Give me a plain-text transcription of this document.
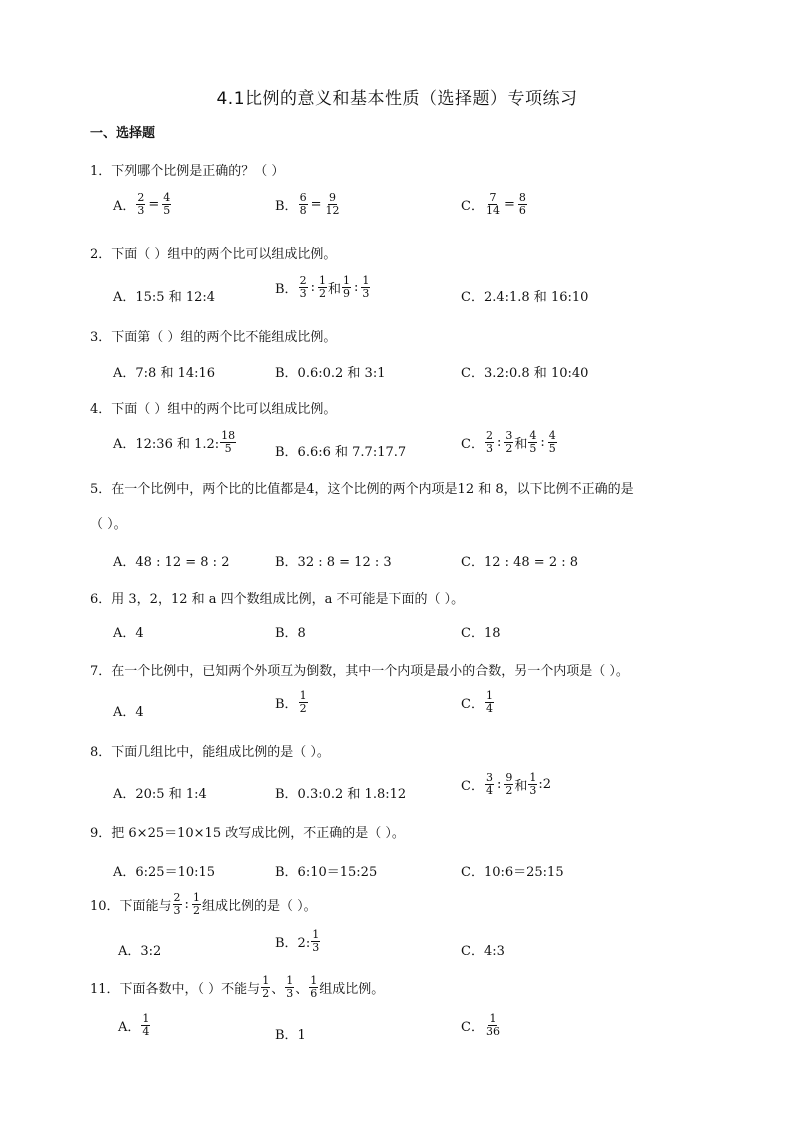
4.1比例的意义和基本性质（选择题）专项练习
一、选择题
1．下列哪个比例是正确的？（ ）
A． $\frac{2}{3} = \frac{4}{5}$	B． $\frac{6}{8} = \frac{9}{12}$	C． $\frac{7}{14} = \frac{8}{6}$
2．下面（ ）组中的两个比可以组成比例。
A．15:5 和 12:4
B． $\frac{2}{3}$ : $\frac{1}{2}$ 和 $\frac{1}{9}$ : $\frac{1}{3}$	C．2.4:1.8 和 16:10
3．下面第（ ）组的两个比不能组成比例。
A．7:8 和 14:16	B．0.6:0.2 和 3:1	C．3.2:0.8 和 10:40
4．下面（ ）组中的两个比可以组成比例。
A．12:36 和 1.2: $\frac{18}{5}$	B．6.6:6 和 7.7:17.7
C． $\frac{2}{3}$ : $\frac{3}{2}$ 和 $\frac{4}{5}$ : $\frac{4}{5}$
5．在一个比例中，两个比的比值都是4，这个比例的两个内项是12 和 8，以下比例不正确的是
（ ）。
A．48 : 12 = 8 : 2	B．32 : 8 = 12 : 3	C．12 : 48 = 2 : 8
6．用 3，2，12 和 a 四个数组成比例，a 不可能是下面的（ ）。
A．4	B．8	C．18
7．在一个比例中，已知两个外项互为倒数，其中一个内项是最小的合数，另一个内项是（ ）。
A．4
B． $\frac{1}{2}$	C． $\frac{1}{4}$
8．下面几组比中，能组成比例的是（ ）。
A．20:5 和 1:4	B．0.3:0.2 和 1.8:12
C． $\frac{3}{4}$ : $\frac{9}{2}$ 和 $\frac{1}{3}$ :2
9．把 6×25＝10×15 改写成比例，不正确的是（ ）。
A．6:25＝10:15	B．6:10＝15:25	C．10:6＝25:15
10．下面能与 $\frac{2}{3}$ : $\frac{1}{2}$ 组成比例的是（ ）。
A．3:2
B．2: $\frac{1}{3}$	C．4:3
11．下面各数中，（ ）不能与 $\frac{1}{2}$ 、 $\frac{1}{3}$ 、 $\frac{1}{6}$ 组成比例。
A． $\frac{1}{4}$	B．1
C． $\frac{1}{36}$
